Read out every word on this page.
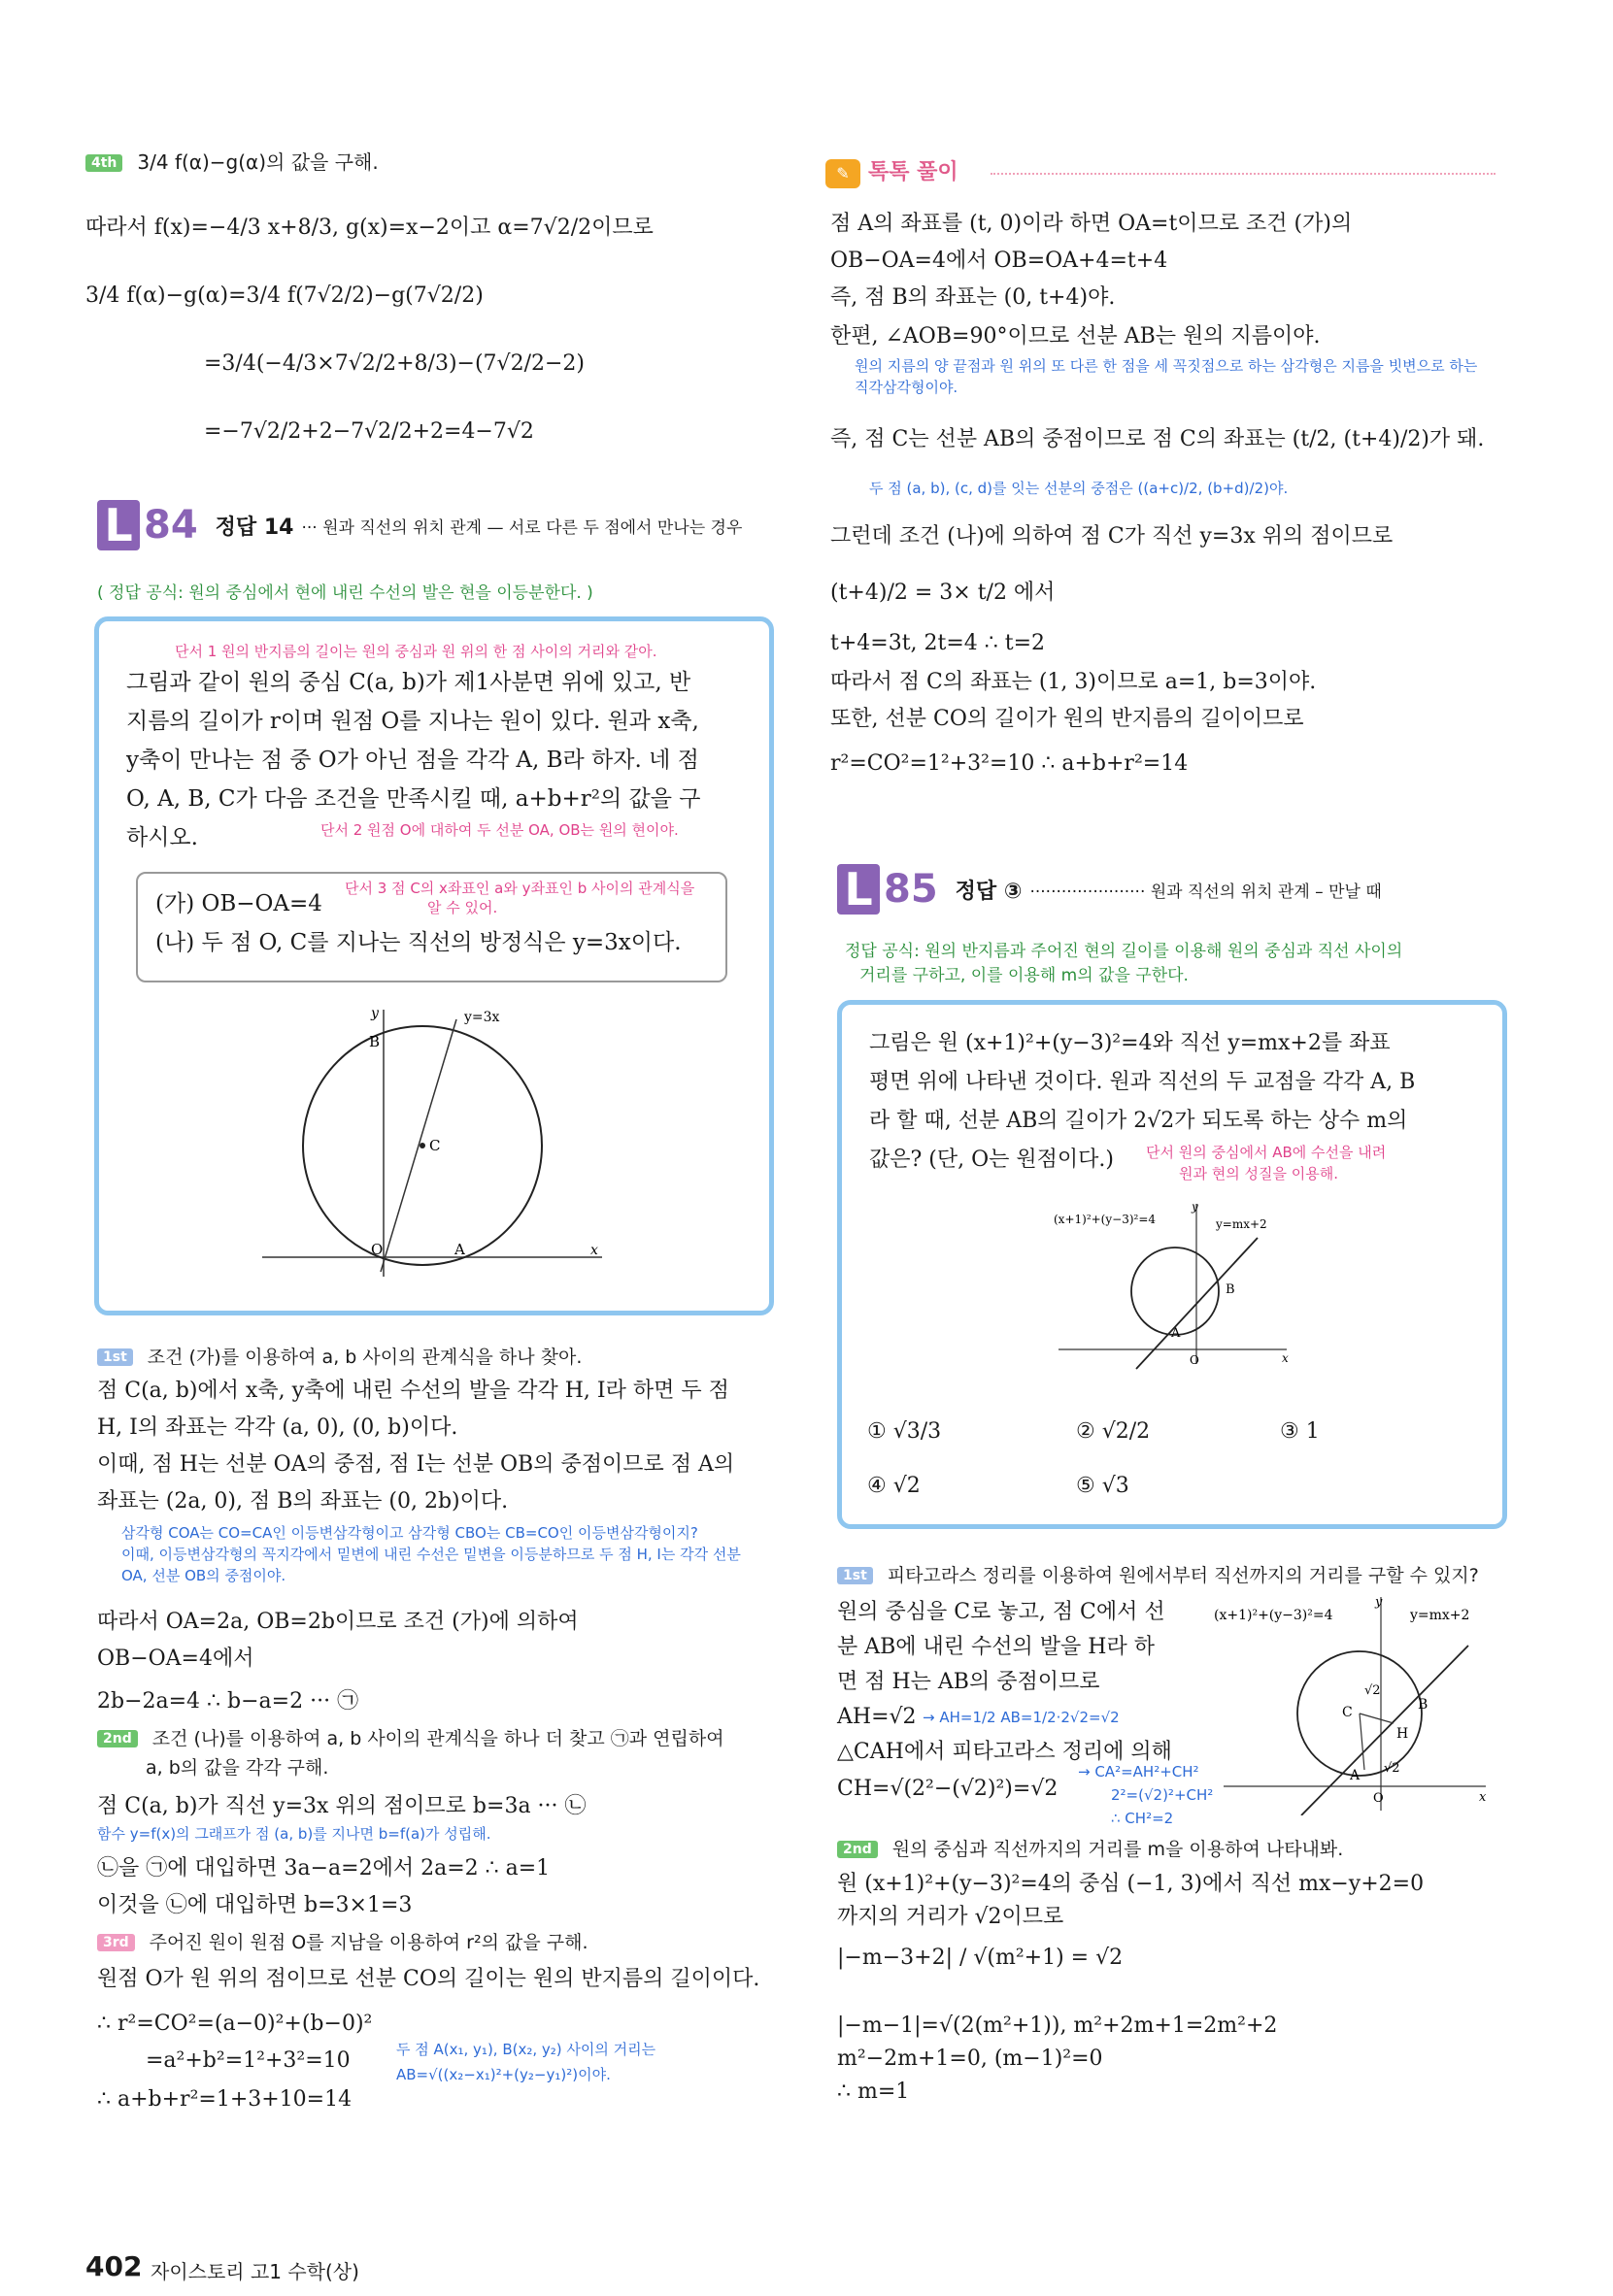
4th 3/4 f(α)−g(α)의 값을 구해.
따라서 f(x)=−4/3 x+8/3, g(x)=x−2이고 α=7√2/2이므로
3/4 f(α)−g(α)=3/4 f(7√2/2)−g(7√2/2)
=3/4(−4/3×7√2/2+8/3)−(7√2/2−2)
=−7√2/2+2−7√2/2+2=4−7√2
L 84 정답 14 ··· 원과 직선의 위치 관계 — 서로 다른 두 점에서 만나는 경우
( 정답 공식: 원의 중심에서 현에 내린 수선의 발은 현을 이등분한다. )
단서 1 원의 반지름의 길이는 원의 중심과 원 위의 한 점 사이의 거리와 같아.
그림과 같이 원의 중심 C(a, b)가 제1사분면 위에 있고, 반
지름의 길이가 r이며 원점 O를 지나는 원이 있다. 원과 x축,
y축이 만나는 점 중 O가 아닌 점을 각각 A, B라 하자. 네 점
O, A, B, C가 다음 조건을 만족시킬 때, a+b+r²의 값을 구
하시오.	단서 2 원점 O에 대하여 두 선분 OA, OB는 원의 현이야.
(가) OB−OA=4
단서 3 점 C의 x좌표인 a와 y좌표인 b 사이의 관계식을
알 수 있어.
(나) 두 점 O, C를 지나는 직선의 방정식은 y=3x이다.
y
x
y=3x
B
C
O	A
1st 조건 (가)를 이용하여 a, b 사이의 관계식을 하나 찾아.
점 C(a, b)에서 x축, y축에 내린 수선의 발을 각각 H, I라 하면 두 점
H, I의 좌표는 각각 (a, 0), (0, b)이다.
이때, 점 H는 선분 OA의 중점, 점 I는 선분 OB의 중점이므로 점 A의
좌표는 (2a, 0), 점 B의 좌표는 (0, 2b)이다.
삼각형 COA는 CO=CA인 이등변삼각형이고 삼각형 CBO는 CB=CO인 이등변삼각형이지?
이때, 이등변삼각형의 꼭지각에서 밑변에 내린 수선은 밑변을 이등분하므로 두 점 H, I는 각각 선분
OA, 선분 OB의 중점이야.
따라서 OA=2a, OB=2b이므로 조건 (가)에 의하여
OB−OA=4에서
2b−2a=4 ∴ b−a=2 ··· ㉠
2nd 조건 (나)를 이용하여 a, b 사이의 관계식을 하나 더 찾고 ㉠과 연립하여
a, b의 값을 각각 구해.
점 C(a, b)가 직선 y=3x 위의 점이므로 b=3a ··· ㉡
함수 y=f(x)의 그래프가 점 (a, b)를 지나면 b=f(a)가 성립해.
㉡을 ㉠에 대입하면 3a−a=2에서 2a=2 ∴ a=1
이것을 ㉡에 대입하면 b=3×1=3
3rd 주어진 원이 원점 O를 지남을 이용하여 r²의 값을 구해.
원점 O가 원 위의 점이므로 선분 CO의 길이는 원의 반지름의 길이이다.
∴ r²=CO²=(a−0)²+(b−0)²
=a²+b²=1²+3²=10	두 점 A(x₁, y₁), B(x₂, y₂) 사이의 거리는
AB=√((x₂−x₁)²+(y₂−y₁)²)이야.
∴ a+b+r²=1+3+10=14
✎ 톡톡 풀이
점 A의 좌표를 (t, 0)이라 하면 OA=t이므로 조건 (가)의
OB−OA=4에서 OB=OA+4=t+4
즉, 점 B의 좌표는 (0, t+4)야.
한편, ∠AOB=90°이므로 선분 AB는 원의 지름이야.
원의 지름의 양 끝점과 원 위의 또 다른 한 점을 세 꼭짓점으로 하는 삼각형은 지름을 빗변으로 하는
직각삼각형이야.
즉, 점 C는 선분 AB의 중점이므로 점 C의 좌표는 (t/2, (t+4)/2)가 돼.
두 점 (a, b), (c, d)를 잇는 선분의 중점은 ((a+c)/2, (b+d)/2)야.
그런데 조건 (나)에 의하여 점 C가 직선 y=3x 위의 점이므로
(t+4)/2 = 3× t/2 에서
t+4=3t, 2t=4 ∴ t=2
따라서 점 C의 좌표는 (1, 3)이므로 a=1, b=3이야.
또한, 선분 CO의 길이가 원의 반지름의 길이이므로
r²=CO²=1²+3²=10 ∴ a+b+r²=14
L 85 정답 ③ ······················ 원과 직선의 위치 관계 – 만날 때
정답 공식: 원의 반지름과 주어진 현의 길이를 이용해 원의 중심과 직선 사이의
거리를 구하고, 이를 이용해 m의 값을 구한다.
그림은 원 (x+1)²+(y−3)²=4와 직선 y=mx+2를 좌표
평면 위에 나타낸 것이다. 원과 직선의 두 교점을 각각 A, B
라 할 때, 선분 AB의 길이가 2√2가 되도록 하는 상수 m의
값은? (단, O는 원점이다.) 단서 원의 중심에서 AB에 수선을 내려
원과 현의 성질을 이용해.
(x+1)²+(y−3)²=4	y=mx+2
y
x
B
A
O
① √3/3	② √2/2	③ 1
④ √2	⑤ √3
1st 피타고라스 정리를 이용하여 원에서부터 직선까지의 거리를 구할 수 있지?
원의 중심을 C로 놓고, 점 C에서 선
분 AB에 내린 수선의 발을 H라 하
면 점 H는 AB의 중점이므로
AH=√2 → AH=1/2 AB=1/2·2√2=√2
△CAH에서 피타고라스 정리에 의해
CH=√(2²−(√2)²)=√2
→ CA²=AH²+CH²
2²=(√2)²+CH²
∴ CH²=2
(x+1)²+(y−3)²=4	y=mx+2
y
x
C	B
H
A
O
√2
√2
2nd 원의 중심과 직선까지의 거리를 m을 이용하여 나타내봐.
원 (x+1)²+(y−3)²=4의 중심 (−1, 3)에서 직선 mx−y+2=0
까지의 거리가 √2이므로
|−m−3+2| / √(m²+1) = √2
|−m−1|=√(2(m²+1)), m²+2m+1=2m²+2
m²−2m+1=0, (m−1)²=0
∴ m=1
402 자이스토리 고1 수학(상)
